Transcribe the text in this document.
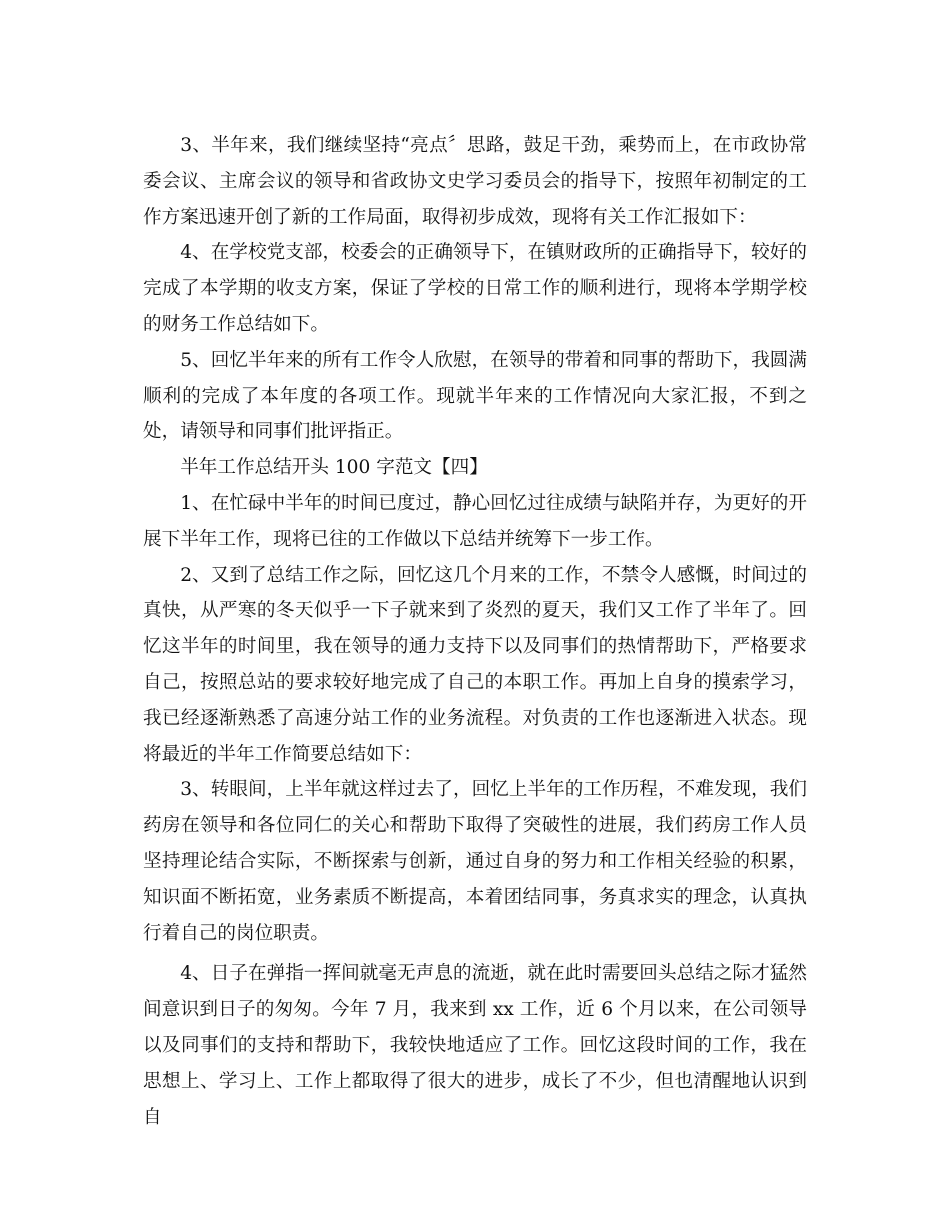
3、半年来，我们继续坚持“亮点〞思路，鼓足干劲，乘势而上，在市政协常委会议、主席会议的领导和省政协文史学习委员会的指导下，按照年初制定的工作方案迅速开创了新的工作局面，取得初步成效，现将有关工作汇报如下：

4、在学校党支部，校委会的正确领导下，在镇财政所的正确指导下，较好的完成了本学期的收支方案，保证了学校的日常工作的顺利进行，现将本学期学校的财务工作总结如下。

5、回忆半年来的所有工作令人欣慰，在领导的带着和同事的帮助下，我圆满顺利的完成了本年度的各项工作。现就半年来的工作情况向大家汇报，不到之处，请领导和同事们批评指正。

半年工作总结开头 100 字范文【四】

1、在忙碌中半年的时间已度过，静心回忆过往成绩与缺陷并存，为更好的开展下半年工作，现将已往的工作做以下总结并统筹下一步工作。

2、又到了总结工作之际，回忆这几个月来的工作，不禁令人感慨，时间过的真快，从严寒的冬天似乎一下子就来到了炎烈的夏天，我们又工作了半年了。回忆这半年的时间里，我在领导的通力支持下以及同事们的热情帮助下，严格要求自己，按照总站的要求较好地完成了自己的本职工作。再加上自身的摸索学习，我已经逐渐熟悉了高速分站工作的业务流程。对负责的工作也逐渐进入状态。现将最近的半年工作简要总结如下：

3、转眼间，上半年就这样过去了，回忆上半年的工作历程，不难发现，我们药房在领导和各位同仁的关心和帮助下取得了突破性的进展，我们药房工作人员坚持理论结合实际，不断探索与创新，通过自身的努力和工作相关经验的积累，知识面不断拓宽，业务素质不断提高，本着团结同事，务真求实的理念，认真执行着自己的岗位职责。

4、日子在弹指一挥间就毫无声息的流逝，就在此时需要回头总结之际才猛然间意识到日子的匆匆。今年 7 月，我来到 xx 工作，近 6 个月以来，在公司领导以及同事们的支持和帮助下，我较快地适应了工作。回忆这段时间的工作，我在思想上、学习上、工作上都取得了很大的进步，成长了不少，但也清醒地认识到自
